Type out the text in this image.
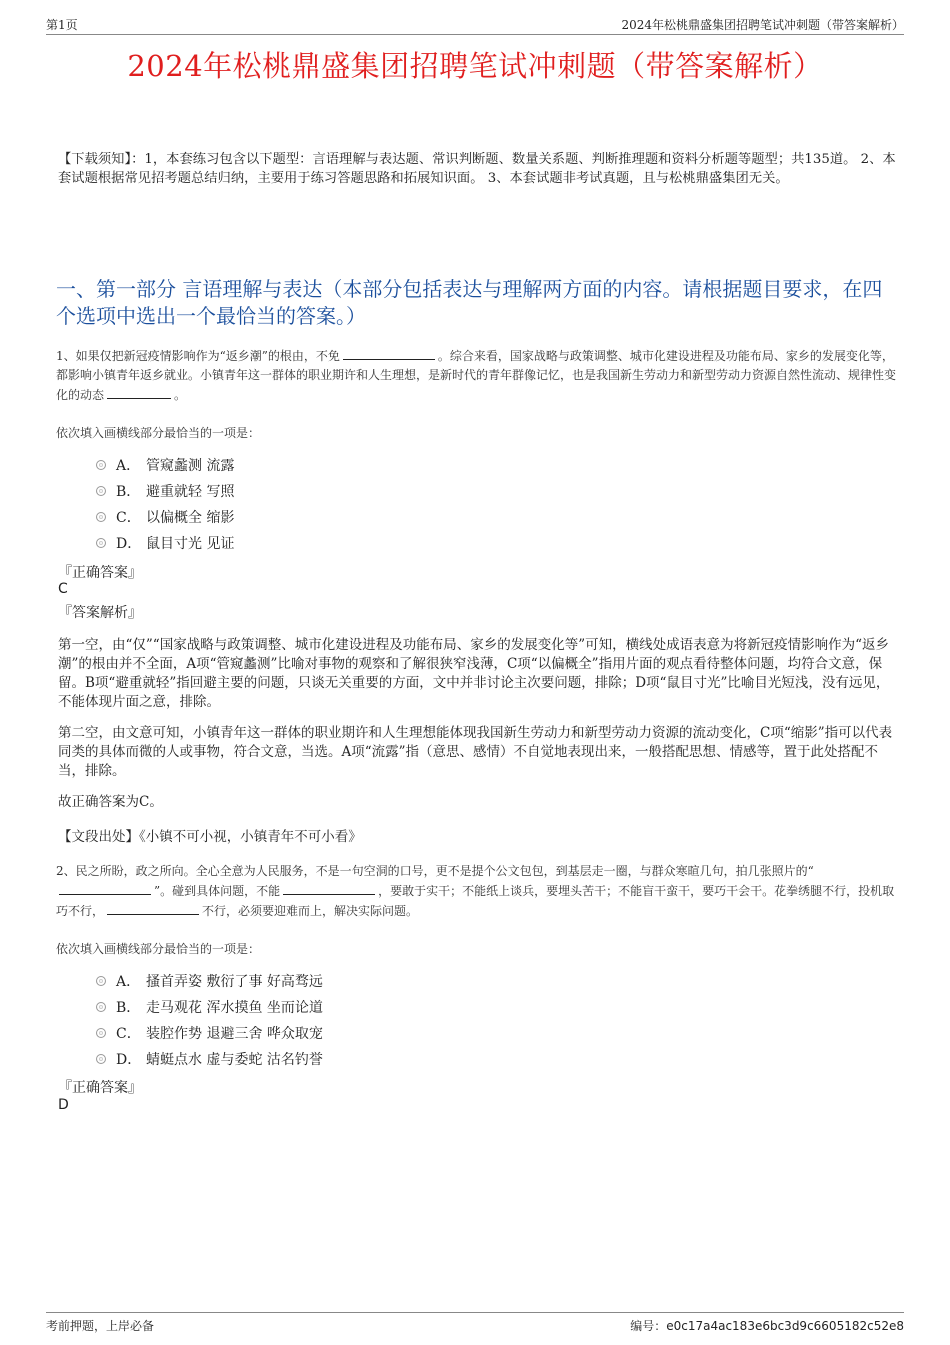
第1页	2024年松桃鼎盛集团招聘笔试冲刺题（带答案解析）
2024年松桃鼎盛集团招聘笔试冲刺题（带答案解析）
【下载须知】：1，本套练习包含以下题型：言语理解与表达题、常识判断题、数量关系题、判断推理题和资料分析题等题型；共135道。 2、本套试题根据常见招考题总结归纳，主要用于练习答题思路和拓展知识面。 3、本套试题非考试真题，且与松桃鼎盛集团无关。
一、第一部分 言语理解与表达（本部分包括表达与理解两方面的内容。请根据题目要求，在四个选项中选出一个最恰当的答案。）
1、如果仅把新冠疫情影响作为“返乡潮”的根由，不免	。综合来看，国家战略与政策调整、城市化建设进程及功能布局、家乡的发展变化等，都影响小镇青年返乡就业。小镇青年这一群体的职业期许和人生理想，是新时代的青年群像记忆，也是我国新生劳动力和新型劳动力资源自然性流动、规律性变化的动态	。
依次填入画横线部分最恰当的一项是：
A． 管窥蠡测 流露
B． 避重就轻 写照
C． 以偏概全 缩影
D． 鼠目寸光 见证
『正确答案』
C
『答案解析』
第一空，由“仅”“国家战略与政策调整、城市化建设进程及功能布局、家乡的发展变化等”可知，横线处成语表意为将新冠疫情影响作为“返乡潮”的根由并不全面，A项“管窥蠡测”比喻对事物的观察和了解很狭窄浅薄，C项“以偏概全”指用片面的观点看待整体问题，均符合文意，保留。B项“避重就轻”指回避主要的问题，只谈无关重要的方面，文中并非讨论主次要问题，排除；D项“鼠目寸光”比喻目光短浅，没有远见，不能体现片面之意，排除。
第二空，由文意可知，小镇青年这一群体的职业期许和人生理想能体现我国新生劳动力和新型劳动力资源的流动变化，C项“缩影”指可以代表同类的具体而微的人或事物，符合文意，当选。A项“流露”指（意思、感情）不自觉地表现出来，一般搭配思想、情感等，置于此处搭配不当，排除。
故正确答案为C。
【文段出处】《小镇不可小视，小镇青年不可小看》
2、民之所盼，政之所向。全心全意为人民服务，不是一句空洞的口号，更不是提个公文包包，到基层走一圈，与群众寒暄几句，拍几张照片的“”。碰到具体问题，不能	，要敢于实干；不能纸上谈兵，要埋头苦干；不能盲干蛮干，要巧干会干。花拳绣腿不行，投机取巧不行，	不行，必须要迎难而上，解决实际问题。
依次填入画横线部分最恰当的一项是：
A． 搔首弄姿 敷衍了事 好高骛远
B． 走马观花 浑水摸鱼 坐而论道
C． 装腔作势 退避三舍 哗众取宠
D． 蜻蜓点水 虚与委蛇 沽名钓誉
『正确答案』
D
考前押题，上岸必备	编号：e0c17a4ac183e6bc3d9c6605182c52e8
